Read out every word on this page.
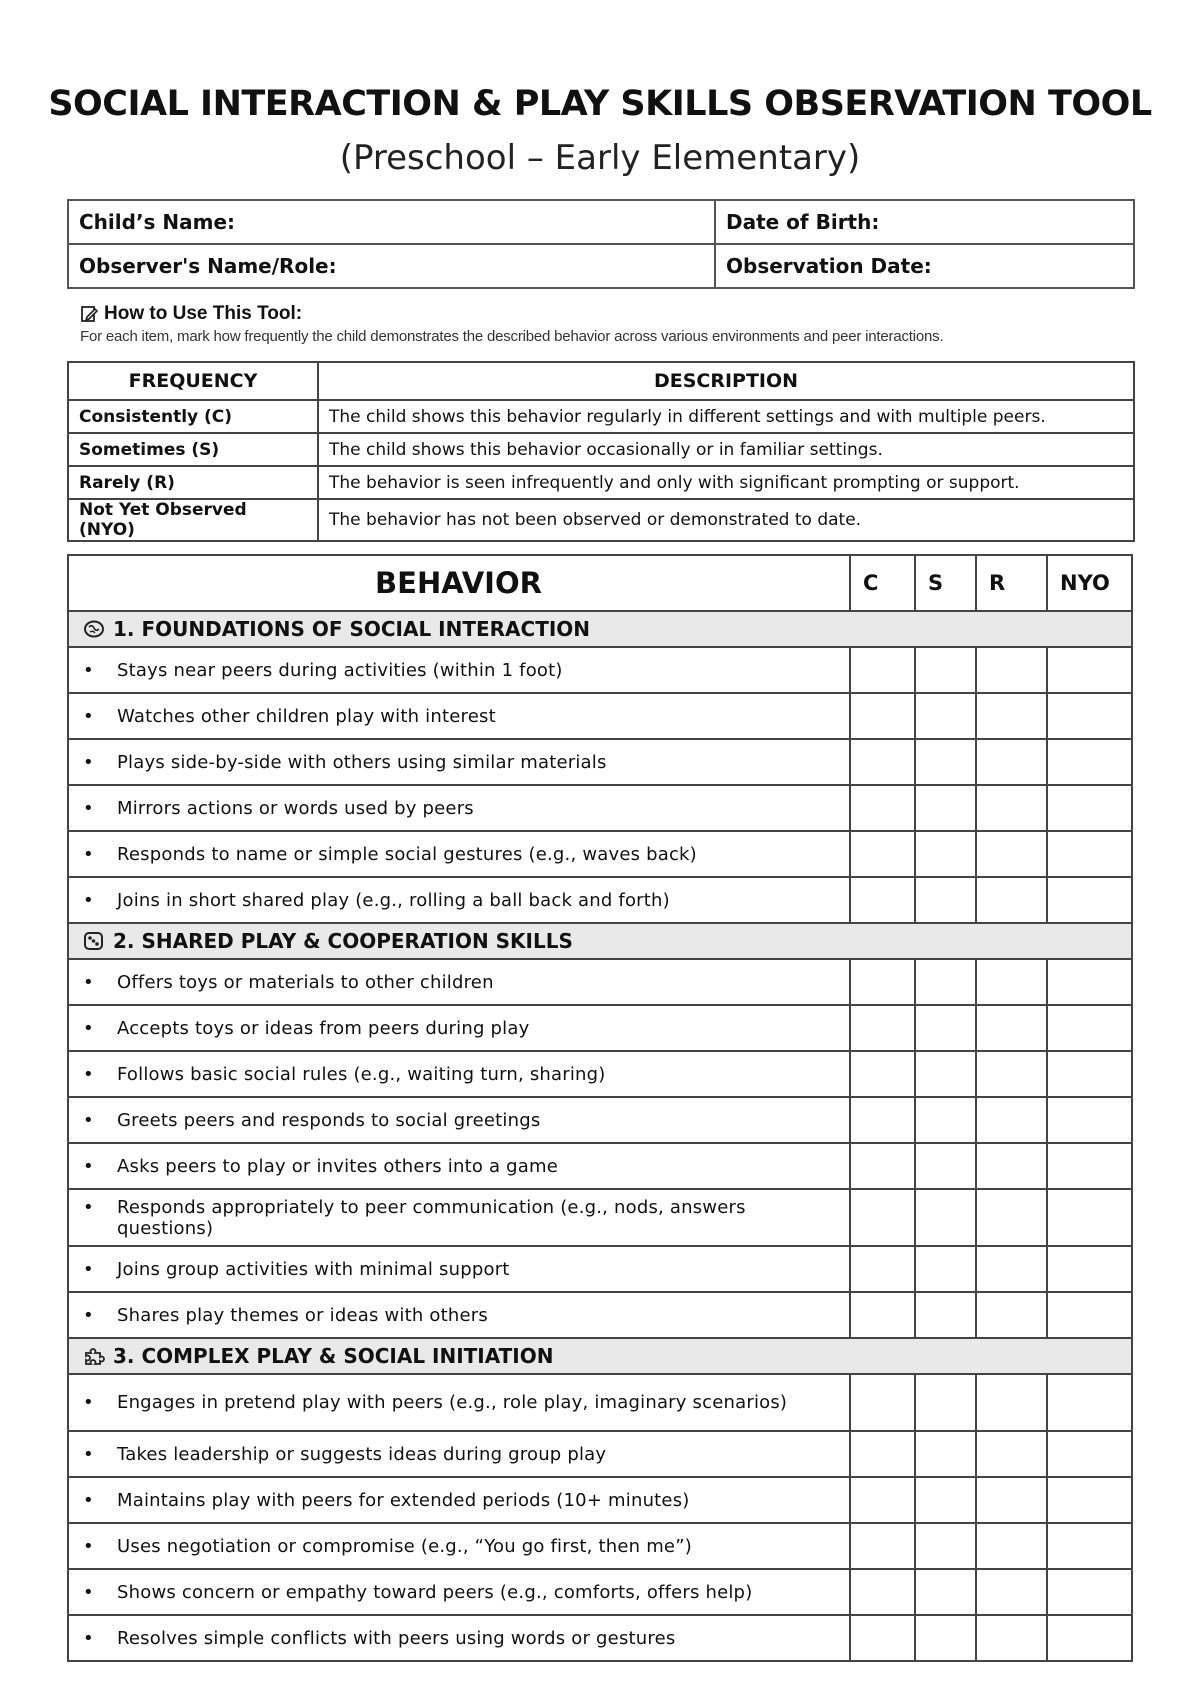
SOCIAL INTERACTION & PLAY SKILLS OBSERVATION TOOL
(Preschool – Early Elementary)
Child’s Name:	Date of Birth:
Observer's Name/Role:	Observation Date:
How to Use This Tool:
For each item, mark how frequently the child demonstrates the described behavior across various environments and peer interactions.
FREQUENCY	DESCRIPTION
Consistently (C)	The child shows this behavior regularly in different settings and with multiple peers.
Sometimes (S)	The child shows this behavior occasionally or in familiar settings.
Rarely (R)	The behavior is seen infrequently and only with significant prompting or support.
Not Yet Observed (NYO)	The behavior has not been observed or demonstrated to date.
BEHAVIOR	C	S	R	NYO
1. FOUNDATIONS OF SOCIAL INTERACTION				
• Stays near peers during activities (within 1 foot)				
• Watches other children play with interest				
• Plays side-by-side with others using similar materials				
• Mirrors actions or words used by peers				
• Responds to name or simple social gestures (e.g., waves back)				
• Joins in short shared play (e.g., rolling a ball back and forth)				
2. SHARED PLAY & COOPERATION SKILLS				
• Offers toys or materials to other children				
• Accepts toys or ideas from peers during play				
• Follows basic social rules (e.g., waiting turn, sharing)				
• Greets peers and responds to social greetings				
• Asks peers to play or invites others into a game				
• Responds appropriately to peer communication (e.g., nods, answers questions)				
• Joins group activities with minimal support				
• Shares play themes or ideas with others				
3. COMPLEX PLAY & SOCIAL INITIATION				
• Engages in pretend play with peers (e.g., role play, imaginary scenarios)				
• Takes leadership or suggests ideas during group play				
• Maintains play with peers for extended periods (10+ minutes)				
• Uses negotiation or compromise (e.g., “You go first, then me”)				
• Shows concern or empathy toward peers (e.g., comforts, offers help)				
• Resolves simple conflicts with peers using words or gestures				
